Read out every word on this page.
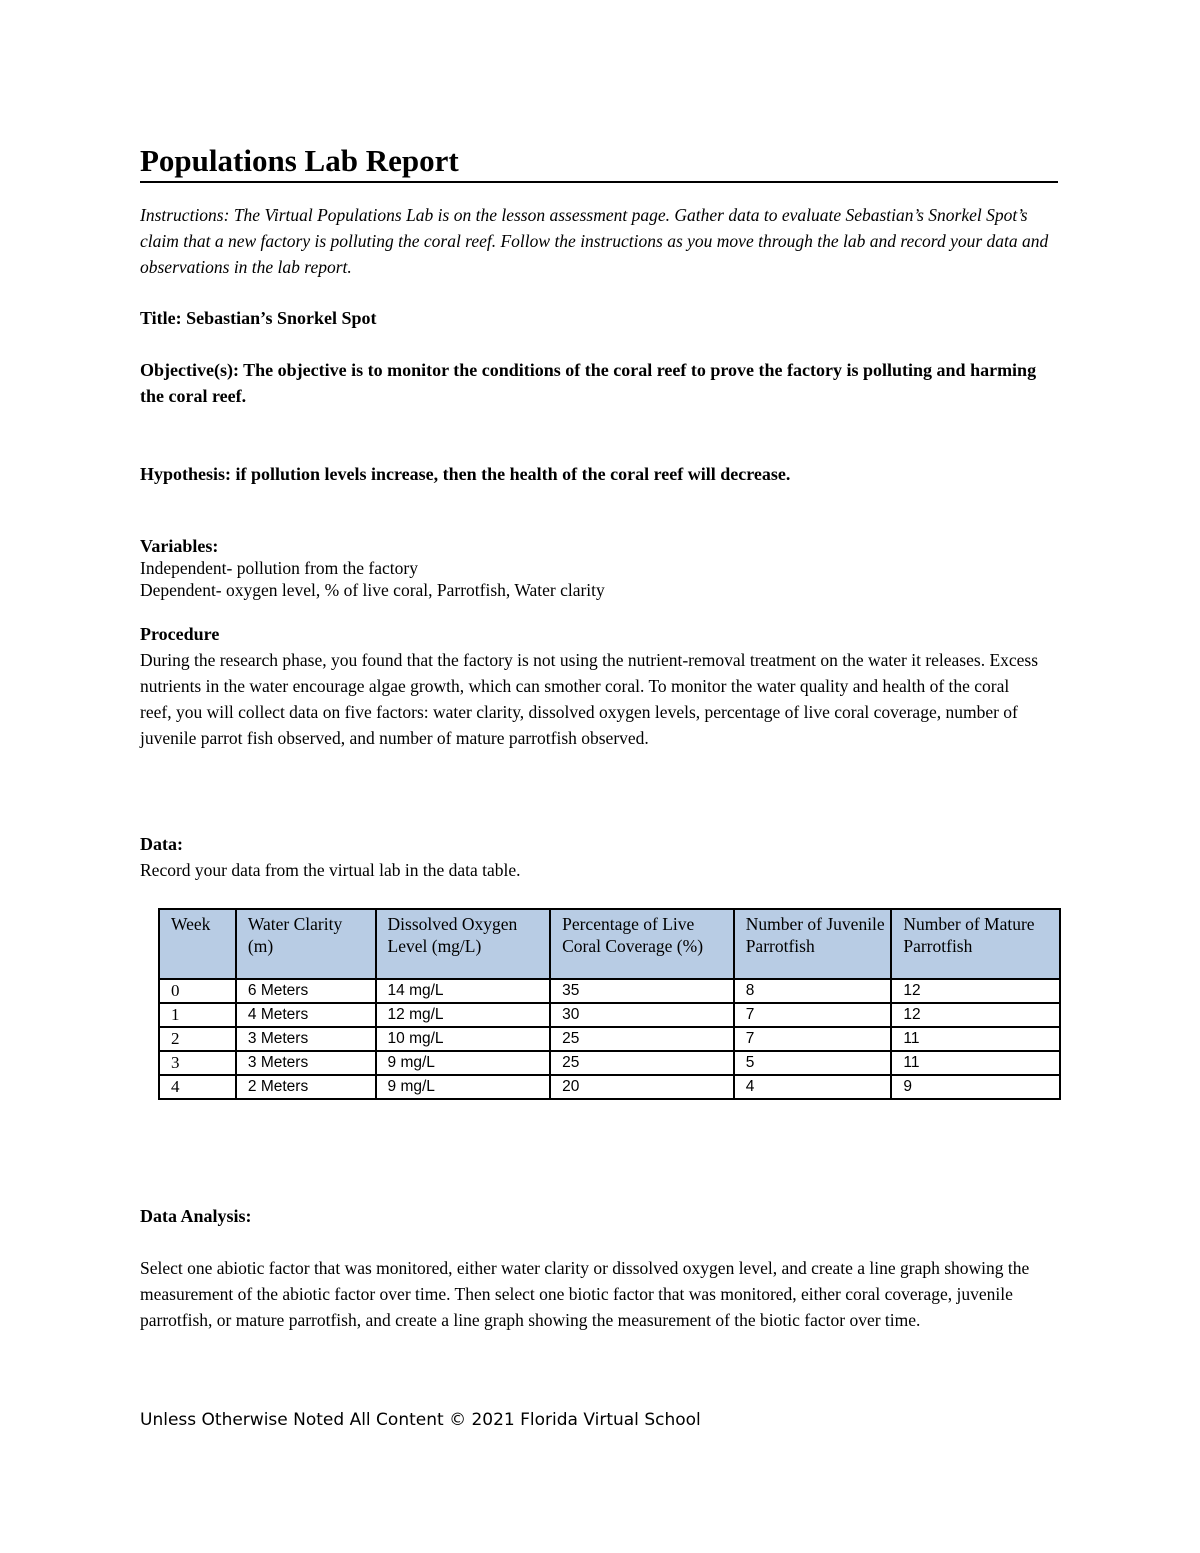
Populations Lab Report
Instructions: The Virtual Populations Lab is on the lesson assessment page. Gather data to evaluate Sebastian’s Snorkel Spot’s claim that a new factory is polluting the coral reef. Follow the instructions as you move through the lab and record your data and observations in the lab report.
Title: Sebastian’s Snorkel Spot
Objective(s): The objective is to monitor the conditions of the coral reef to prove the factory is polluting and harming the coral reef.
Hypothesis: if pollution levels increase, then the health of the coral reef will decrease.
Variables:
Independent- pollution from the factory
Dependent- oxygen level, % of live coral, Parrotfish, Water clarity
Procedure
During the research phase, you found that the factory is not using the nutrient-removal treatment on the water it releases. Excess nutrients in the water encourage algae growth, which can smother coral. To monitor the water quality and health of the coral reef, you will collect data on five factors: water clarity, dissolved oxygen levels, percentage of live coral coverage, number of juvenile parrot fish observed, and number of mature parrotfish observed.
Data:
Record your data from the virtual lab in the data table.
Week	Water Clarity (m)	Dissolved Oxygen Level (mg/L)	Percentage of Live Coral Coverage (%)	Number of Juvenile Parrotfish	Number of Mature Parrotfish
0	6 Meters	14 mg/L	35	8	12
1	4 Meters	12 mg/L	30	7	12
2	3 Meters	10 mg/L	25	7	11
3	3 Meters	9 mg/L	25	5	11
4	2 Meters	9 mg/L	20	4	9
Data Analysis:
Select one abiotic factor that was monitored, either water clarity or dissolved oxygen level, and create a line graph showing the measurement of the abiotic factor over time. Then select one biotic factor that was monitored, either coral coverage, juvenile parrotfish, or mature parrotfish, and create a line graph showing the measurement of the biotic factor over time.
Unless Otherwise Noted All Content © 2021 Florida Virtual School
